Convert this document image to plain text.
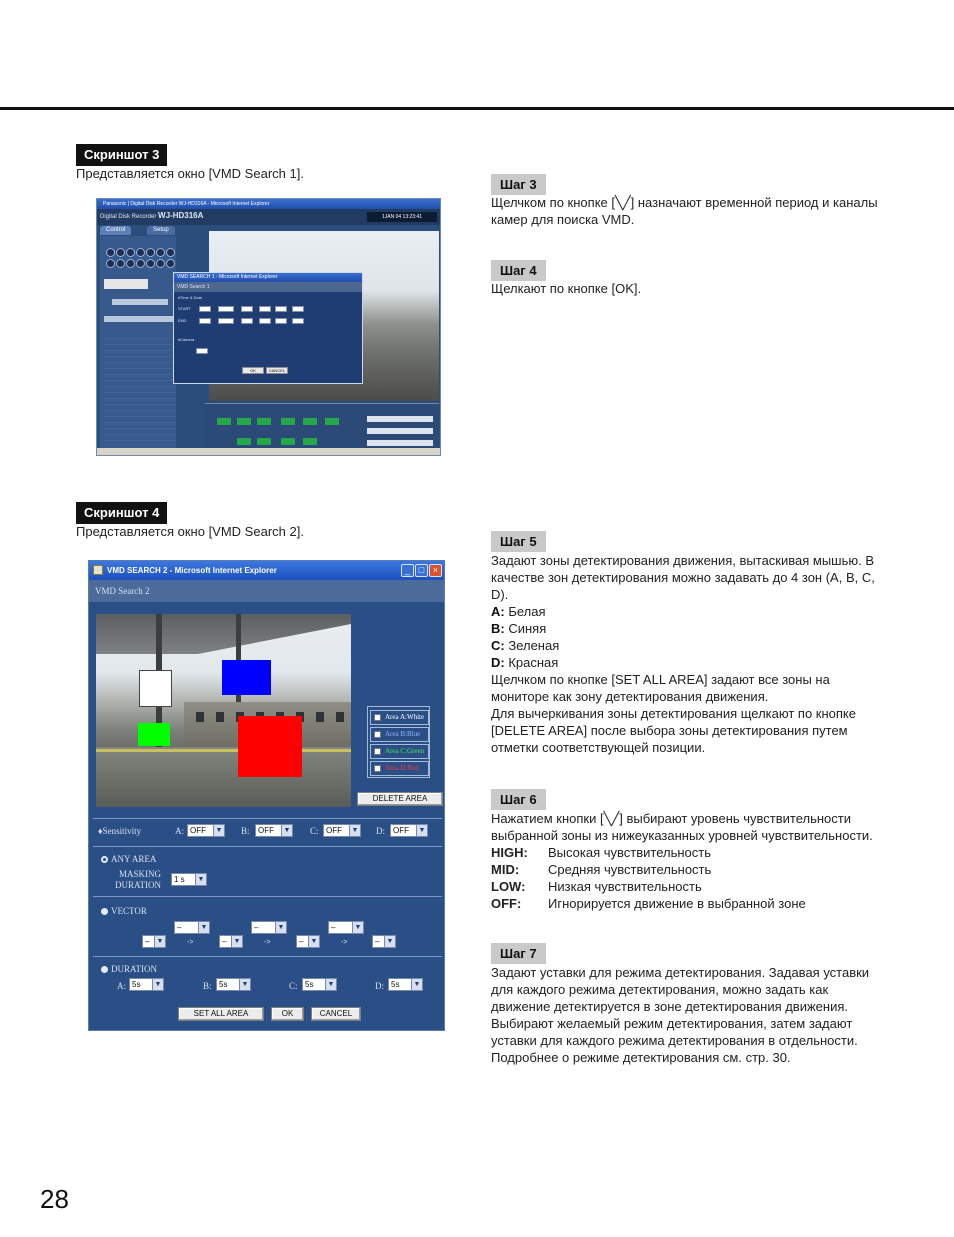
Скриншот 3
Представляется окно [VMD Search 1].
Panasonic | Digital Disk Recorder WJ-HD316A - Microsoft Internet Explorer
Digital Disk Recorder WJ-HD316A	1JAN 04 13:23:41
Control	Setup
VMD SEARCH 1 - Microsoft Internet Explorer
VMD Search 1
♦Time & Date
START
END
♦Camera
OK	CANCEL
Скриншот 4
Представляется окно [VMD Search 2].
VMD SEARCH 2 - Microsoft Internet Explorer	_ □ ×
VMD Search 2
Area A:White
Area B:Blue
Area C:Green
Area D:Red
DELETE AREA
♦Sensitivity	A: OFF	▼ B:	OFF	▼ C: OFF	▼ D:	OFF	▼
ANY AREA
MASKING
DURATION
1 s	▼
VECTOR
–	▼	–	▼	–	▼
–	▼	->	–	▼	->	–	▼	->	–	▼
DURATION
A: 5s	▼	B: 5s	▼	C: 5s	▼	D: 5s	▼
SET ALL AREA	OK	CANCEL
Шаг 3
Щелчком по кнопке [╲╱] назначают временной период и каналы камер для поиска VMD.
Шаг 4
Щелкают по кнопке [OK].
Шаг 5

Задают зоны детектирования движения, вытаскивая мышью. В качестве зон детектирования можно задавать до 4 зон (A, B, C, D).

A: Белая

B: Синяя

C: Зеленая

D: Красная

Щелчком по кнопке [SET ALL AREA] задают все зоны на мониторе как зону детектирования движения.

Для вычеркивания зоны детектирования щелкают по кнопке [DELETE AREA] после выбора зоны детектирования путем отметки соответствующей позиции.

Шаг 6

Нажатием кнопки [╲╱] выбирают уровень чувствительности выбранной зоны из нижеуказанных уровней чувствительности.

HIGH:	Высокая чувствительность
MID:	Средняя чувствительность
LOW:	Низкая чувствительность
OFF:	Игнорируется движение в выбранной зоне
Шаг 7
Задают уставки для режима детектирования. Задавая уставки для каждого режима детектирования, можно задать как движение детектируется в зоне детектирования движения. Выбирают желаемый режим детектирования, затем задают уставки для каждого режима детектирования в отдельности. Подробнее о режиме детектирования см. стр. 30.
28
